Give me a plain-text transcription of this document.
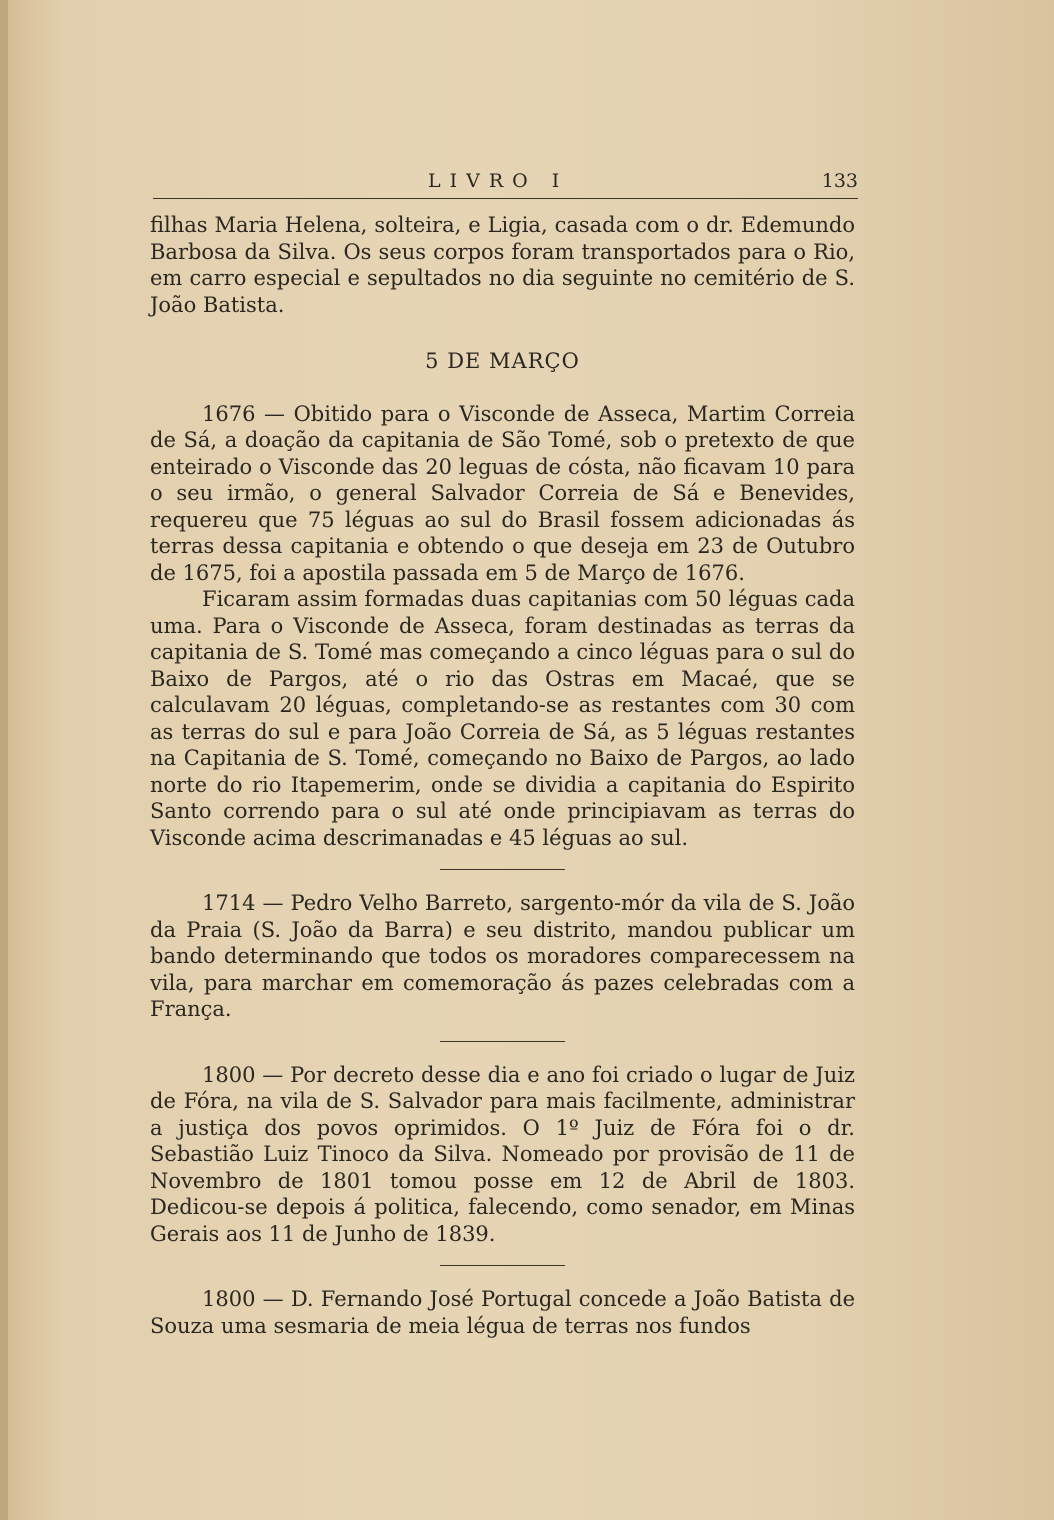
LIVRO I	133

filhas Maria Helena, solteira, e Ligia, casada com o dr. Edemundo Barbosa da Silva. Os seus corpos foram transportados para o Rio, em carro especial e sepultados no dia seguinte no cemitério de S. João Batista.

5 DE MARÇO

1676 — Obitido para o Visconde de Asseca, Martim Correia de Sá, a doação da capitania de São Tomé, sob o pretexto de que enteirado o Visconde das 20 leguas de cósta, não ficavam 10 para o seu irmão, o general Salvador Correia de Sá e Benevides, requereu que 75 léguas ao sul do Brasil fossem adicionadas ás terras dessa capitania e obtendo o que deseja em 23 de Outubro de 1675, foi a apostila passada em 5 de Março de 1676.

Ficaram assim formadas duas capitanias com 50 léguas cada uma. Para o Visconde de Asseca, foram destinadas as terras da capitania de S. Tomé mas começando a cinco léguas para o sul do Baixo de Pargos, até o rio das Ostras em Macaé, que se calculavam 20 léguas, completando-se as restantes com 30 com as terras do sul e para João Correia de Sá, as 5 léguas restantes na Capitania de S. Tomé, começando no Baixo de Pargos, ao lado norte do rio Itapemerim, onde se dividia a capitania do Espirito Santo correndo para o sul até onde principiavam as terras do Visconde acima descrimanadas e 45 léguas ao sul.

1714 — Pedro Velho Barreto, sargento-mór da vila de S. João da Praia (S. João da Barra) e seu distrito, mandou publicar um bando determinando que todos os moradores comparecessem na vila, para marchar em comemoração ás pazes celebradas com a França.

1800 — Por decreto desse dia e ano foi criado o lugar de Juiz de Fóra, na vila de S. Salvador para mais facilmente, administrar a justiça dos povos oprimidos. O 1º Juiz de Fóra foi o dr. Sebastião Luiz Tinoco da Silva. Nomeado por provisão de 11 de Novembro de 1801 tomou posse em 12 de Abril de 1803. Dedicou-se depois á politica, falecendo, como senador, em Minas Gerais aos 11 de Junho de 1839.

1800 — D. Fernando José Portugal concede a João Batista de Souza uma sesmaria de meia légua de terras nos fundos
